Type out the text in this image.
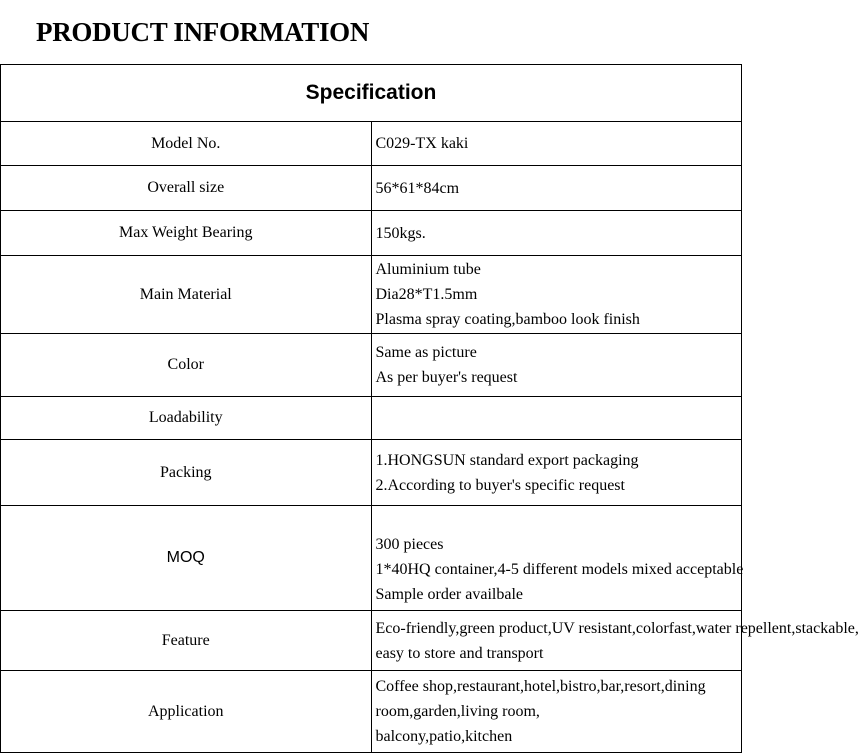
PRODUCT INFORMATION
Specification	
Model No.	C029-TX kaki

Overall size	56*61*84cm

Max Weight Bearing	150kgs.

Main Material	Aluminium tube
Dia28*T1.5mm
Plasma spray coating,bamboo look finish

Color	Same as picture
As per buyer's request

Loadability	
Packing	1.HONGSUN standard export packaging
2.According to buyer's specific request

MOQ	300 pieces
1*40HQ container,4-5 different models mixed acceptable
Sample order availbale

Feature	Eco-friendly,green product,UV resistant,colorfast,water repellent,stackable,
easy to store and transport

Application	Coffee shop,restaurant,hotel,bistro,bar,resort,dining room,garden,living room,
balcony,patio,kitchen
